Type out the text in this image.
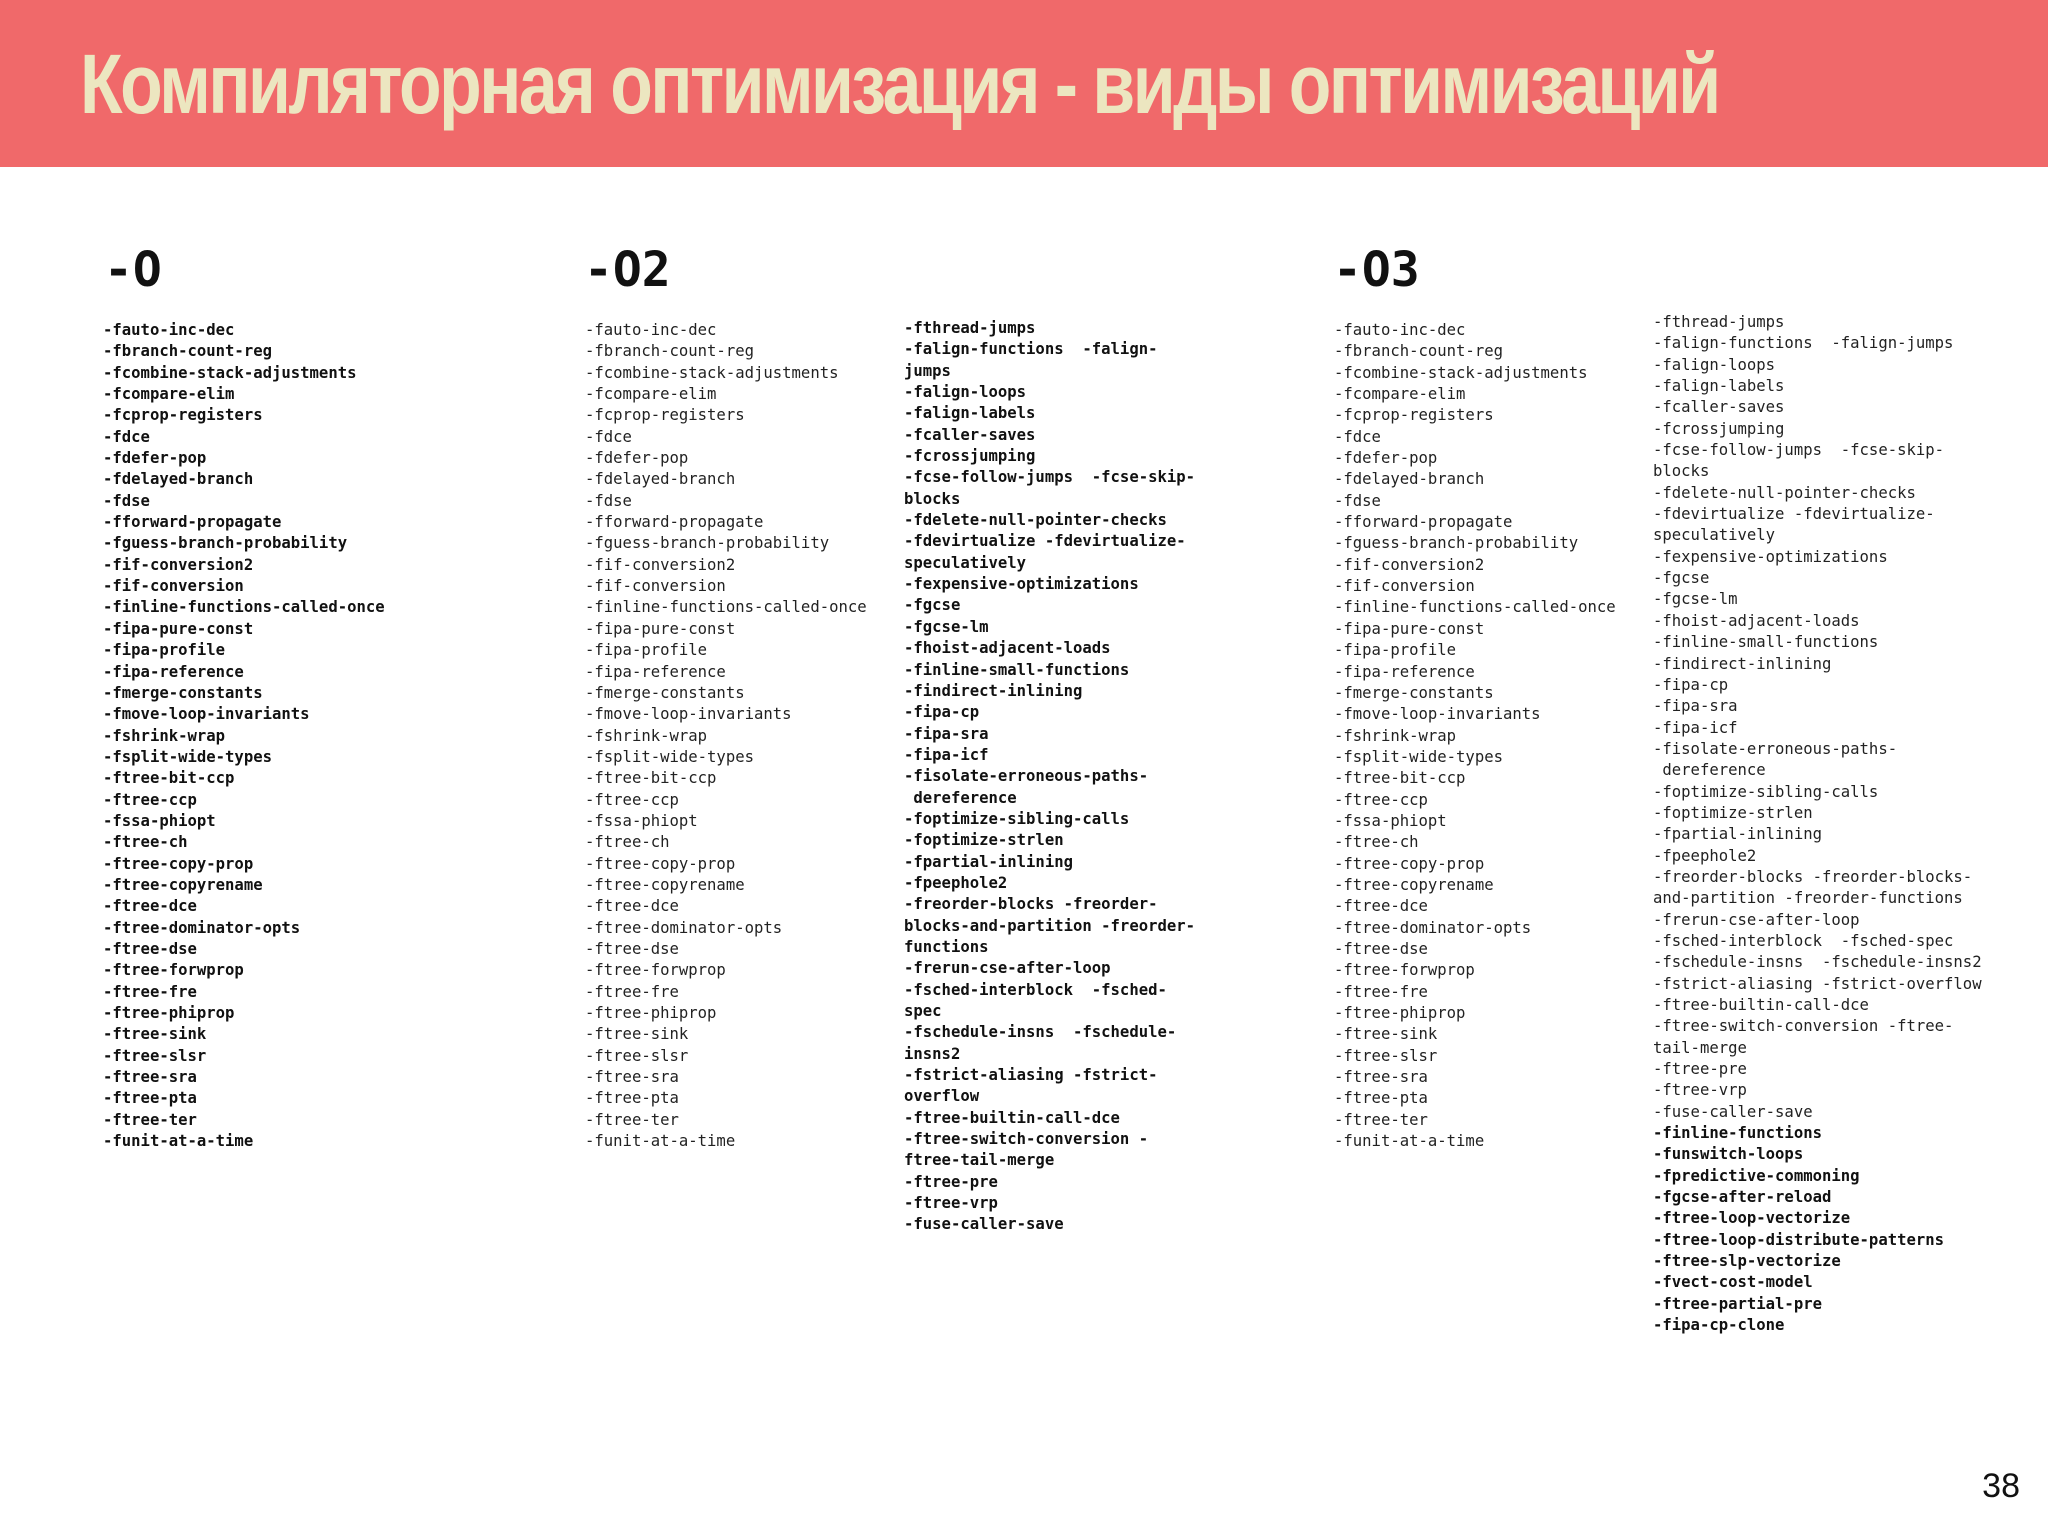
Компиляторная оптимизация - виды оптимизаций
-O	-O2	-O3
-fauto-inc-dec
-fbranch-count-reg
-fcombine-stack-adjustments
-fcompare-elim
-fcprop-registers
-fdce
-fdefer-pop
-fdelayed-branch
-fdse
-fforward-propagate
-fguess-branch-probability
-fif-conversion2
-fif-conversion
-finline-functions-called-once
-fipa-pure-const
-fipa-profile
-fipa-reference
-fmerge-constants
-fmove-loop-invariants
-fshrink-wrap
-fsplit-wide-types
-ftree-bit-ccp
-ftree-ccp
-fssa-phiopt
-ftree-ch
-ftree-copy-prop
-ftree-copyrename
-ftree-dce
-ftree-dominator-opts
-ftree-dse
-ftree-forwprop
-ftree-fre
-ftree-phiprop
-ftree-sink
-ftree-slsr
-ftree-sra
-ftree-pta
-ftree-ter
-funit-at-a-time
-fauto-inc-dec
-fbranch-count-reg
-fcombine-stack-adjustments
-fcompare-elim
-fcprop-registers
-fdce
-fdefer-pop
-fdelayed-branch
-fdse
-fforward-propagate
-fguess-branch-probability
-fif-conversion2
-fif-conversion
-finline-functions-called-once
-fipa-pure-const
-fipa-profile
-fipa-reference
-fmerge-constants
-fmove-loop-invariants
-fshrink-wrap
-fsplit-wide-types
-ftree-bit-ccp
-ftree-ccp
-fssa-phiopt
-ftree-ch
-ftree-copy-prop
-ftree-copyrename
-ftree-dce
-ftree-dominator-opts
-ftree-dse
-ftree-forwprop
-ftree-fre
-ftree-phiprop
-ftree-sink
-ftree-slsr
-ftree-sra
-ftree-pta
-ftree-ter
-funit-at-a-time
-fthread-jumps
-falign-functions  -falign-jumps
-falign-loops
-falign-labels
-fcaller-saves
-fcrossjumping
-fcse-follow-jumps  -fcse-skip-blocks
-fdelete-null-pointer-checks
-fdevirtualize -fdevirtualize-speculatively
-fexpensive-optimizations
-fgcse
-fgcse-lm
-fhoist-adjacent-loads
-finline-small-functions
-findirect-inlining
-fipa-cp
-fipa-sra
-fipa-icf
-fisolate-erroneous-paths-
dereference
-foptimize-sibling-calls
-foptimize-strlen
-fpartial-inlining
-fpeephole2
-freorder-blocks -freorder-blocks-and-partition -freorder-functions
-frerun-cse-after-loop
-fsched-interblock  -fsched-spec
-fschedule-insns  -fschedule-insns2
-fstrict-aliasing -fstrict-overflow
-ftree-builtin-call-dce
-ftree-switch-conversion -ftree-tail-merge
-ftree-pre
-ftree-vrp
-fuse-caller-save
-fauto-inc-dec
-fbranch-count-reg
-fcombine-stack-adjustments
-fcompare-elim
-fcprop-registers
-fdce
-fdefer-pop
-fdelayed-branch
-fdse
-fforward-propagate
-fguess-branch-probability
-fif-conversion2
-fif-conversion
-finline-functions-called-once
-fipa-pure-const
-fipa-profile
-fipa-reference
-fmerge-constants
-fmove-loop-invariants
-fshrink-wrap
-fsplit-wide-types
-ftree-bit-ccp
-ftree-ccp
-fssa-phiopt
-ftree-ch
-ftree-copy-prop
-ftree-copyrename
-ftree-dce
-ftree-dominator-opts
-ftree-dse
-ftree-forwprop
-ftree-fre
-ftree-phiprop
-ftree-sink
-ftree-slsr
-ftree-sra
-ftree-pta
-ftree-ter
-funit-at-a-time
-fthread-jumps
-falign-functions  -falign-jumps
-falign-loops
-falign-labels
-fcaller-saves
-fcrossjumping
-fcse-follow-jumps  -fcse-skip-blocks
-fdelete-null-pointer-checks
-fdevirtualize -fdevirtualize-speculatively
-fexpensive-optimizations
-fgcse
-fgcse-lm
-fhoist-adjacent-loads
-finline-small-functions
-findirect-inlining
-fipa-cp
-fipa-sra
-fipa-icf
-fisolate-erroneous-paths-
dereference
-foptimize-sibling-calls
-foptimize-strlen
-fpartial-inlining
-fpeephole2
-freorder-blocks -freorder-blocks-and-partition -freorder-functions
-frerun-cse-after-loop
-fsched-interblock  -fsched-spec
-fschedule-insns  -fschedule-insns2
-fstrict-aliasing -fstrict-overflow
-ftree-builtin-call-dce
-ftree-switch-conversion -ftree-tail-merge
-ftree-pre
-ftree-vrp
-fuse-caller-save
-finline-functions
-funswitch-loops
-fpredictive-commoning
-fgcse-after-reload
-ftree-loop-vectorize
-ftree-loop-distribute-patterns
-ftree-slp-vectorize
-fvect-cost-model
-ftree-partial-pre
-fipa-cp-clone
38
